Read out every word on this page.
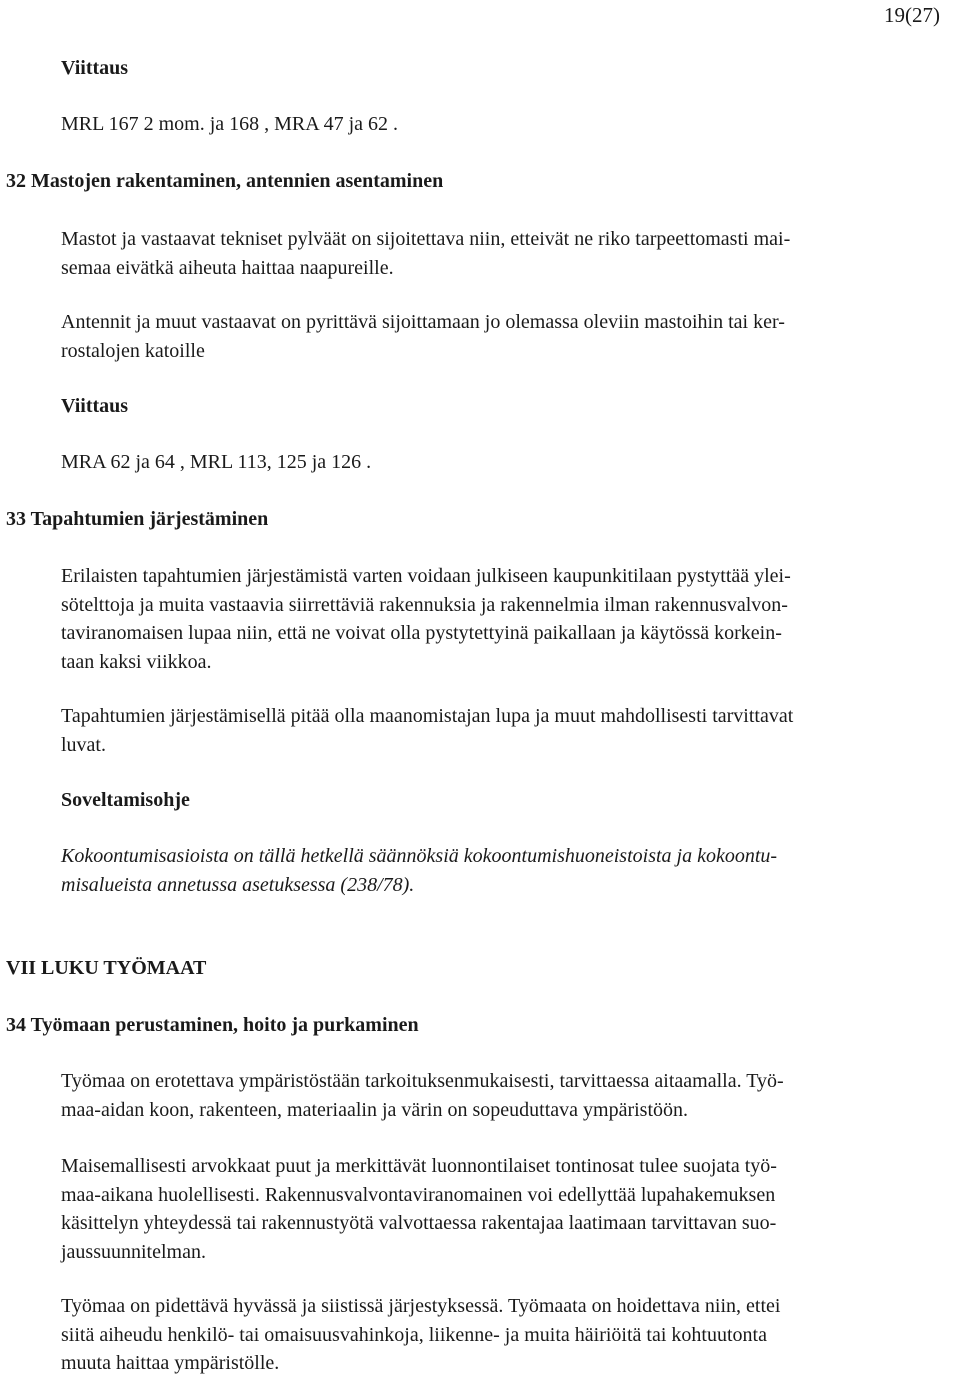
19(27)
Viittaus
MRL 167 2 mom. ja 168 , MRA 47 ja 62 .
32 Mastojen rakentaminen, antennien asentaminen
Mastot ja vastaavat tekniset pylväät on sijoitettava niin, etteivät ne riko tarpeettomasti mai-
semaa eivätkä aiheuta haittaa naapureille.
Antennit ja muut vastaavat on pyrittävä sijoittamaan jo olemassa oleviin mastoihin tai ker-
rostalojen katoille
Viittaus
MRA 62 ja 64 , MRL 113, 125 ja 126 .
33 Tapahtumien järjestäminen
Erilaisten tapahtumien järjestämistä varten voidaan julkiseen kaupunkitilaan pystyttää ylei-
sötelttoja ja muita vastaavia siirrettäviä rakennuksia ja rakennelmia ilman rakennusvalvon-
taviranomaisen lupaa niin, että ne voivat olla pystytettyinä paikallaan ja käytössä korkein-
taan kaksi viikkoa.
Tapahtumien järjestämisellä pitää olla maanomistajan lupa ja muut mahdollisesti tarvittavat
luvat.
Soveltamisohje
Kokoontumisasioista on tällä hetkellä säännöksiä kokoontumishuoneistoista ja kokoontu-
misalueista annetussa asetuksessa (238/78).
VII LUKU TYÖMAAT
34 Työmaan perustaminen, hoito ja purkaminen
Työmaa on erotettava ympäristöstään tarkoituksenmukaisesti, tarvittaessa aitaamalla. Työ-
maa-aidan koon, rakenteen, materiaalin ja värin on sopeuduttava ympäristöön.
Maisemallisesti arvokkaat puut ja merkittävät luonnontilaiset tontinosat tulee suojata työ-
maa-aikana huolellisesti. Rakennusvalvontaviranomainen voi edellyttää lupahakemuksen
käsittelyn yhteydessä tai rakennustyötä valvottaessa rakentajaa laatimaan tarvittavan suo-
jaussuunnitelman.
Työmaa on pidettävä hyvässä ja siistissä järjestyksessä. Työmaata on hoidettava niin, ettei
siitä aiheudu henkilö- tai omaisuusvahinkoja, liikenne- ja muita häiriöitä tai kohtuutonta
muuta haittaa ympäristölle.
